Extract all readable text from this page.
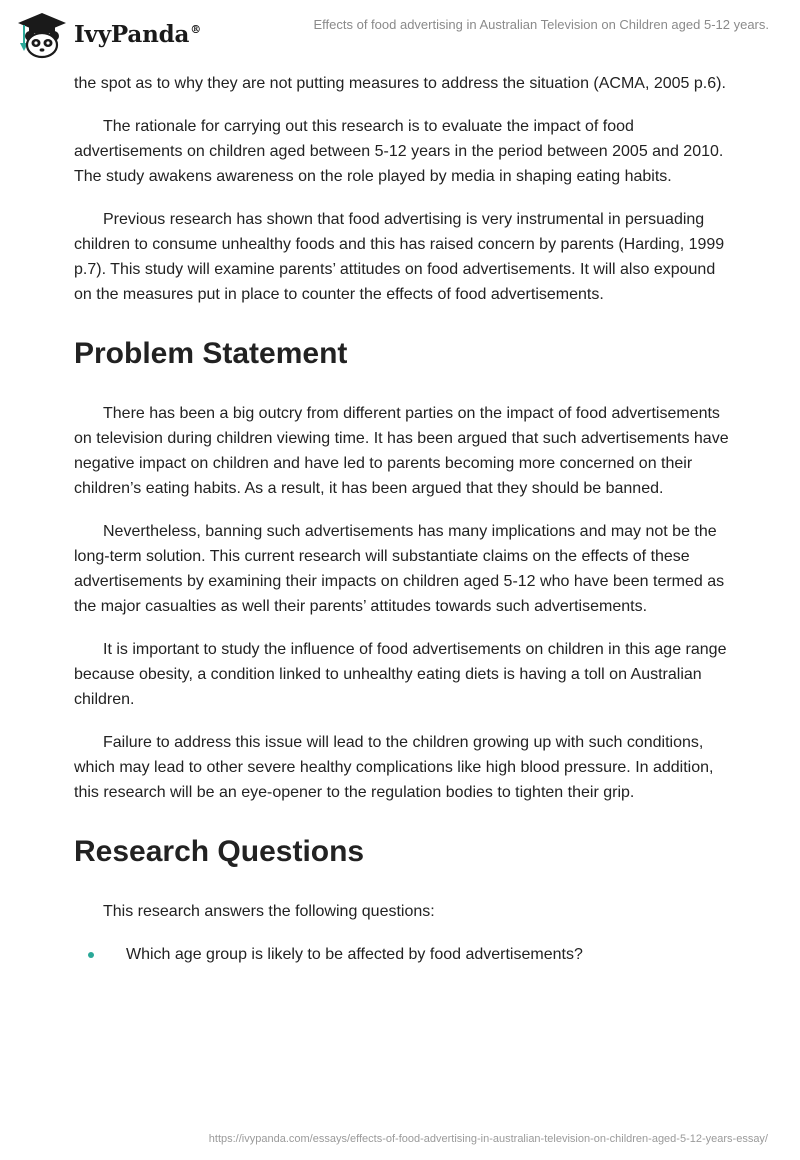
IvyPanda®	Effects of food advertising in Australian Television on Children aged 5-12 years.

the spot as to why they are not putting measures to address the situation (ACMA, 2005 p.6).

The rationale for carrying out this research is to evaluate the impact of food advertisements on children aged between 5-12 years in the period between 2005 and 2010. The study awakens awareness on the role played by media in shaping eating habits.

Previous research has shown that food advertising is very instrumental in persuading children to consume unhealthy foods and this has raised concern by parents (Harding, 1999 p.7). This study will examine parents’ attitudes on food advertisements. It will also expound on the measures put in place to counter the effects of food advertisements.

Problem Statement

There has been a big outcry from different parties on the impact of food advertisements on television during children viewing time. It has been argued that such advertisements have negative impact on children and have led to parents becoming more concerned on their children’s eating habits. As a result, it has been argued that they should be banned.

Nevertheless, banning such advertisements has many implications and may not be the long-term solution. This current research will substantiate claims on the effects of these advertisements by examining their impacts on children aged 5-12 who have been termed as the major casualties as well their parents’ attitudes towards such advertisements.

It is important to study the influence of food advertisements on children in this age range because obesity, a condition linked to unhealthy eating diets is having a toll on Australian children.

Failure to address this issue will lead to the children growing up with such conditions, which may lead to other severe healthy complications like high blood pressure. In addition, this research will be an eye-opener to the regulation bodies to tighten their grip.

Research Questions

This research answers the following questions:

Which age group is likely to be affected by food advertisements?
https://ivypanda.com/essays/effects-of-food-advertising-in-australian-television-on-children-aged-5-12-years-essay/
